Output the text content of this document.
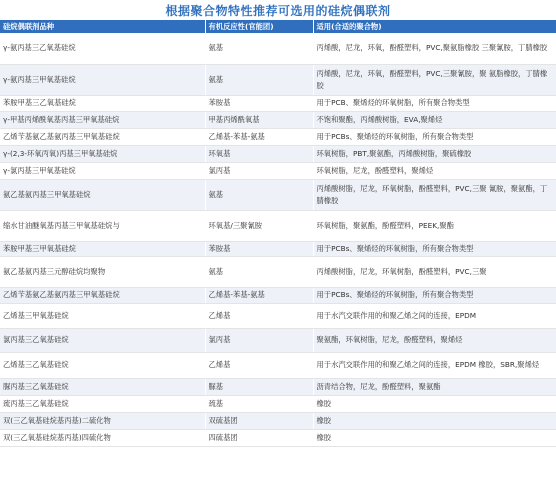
根据聚合物特性推荐可选用的硅烷偶联剂
硅烷偶联剂品种	有机反应性(官能团)	适用(合适的聚合物)
γ-氨丙基三乙氧基硅烷	氨基	丙烯酸，尼龙，环氧，酚醛塑料，PVC,聚氨脂橡胶 三聚氰胺，丁腈橡胶
γ-氨丙基三甲氧基硅烷	氨基	丙烯酸，尼龙，环氧，酚醛塑料，PVC,三聚氰胺，聚 氨脂橡胶，丁腈橡胶
苯胺甲基三乙氧基硅烷	苯胺基	用于PCB、聚烯烃的环氧树脂，所有聚合物类型
γ-甲基丙烯酰氧基丙基三甲氧基硅烷	甲基丙烯酰氧基	不饱和聚酯，丙烯酸树脂，EVA,聚烯烃
乙烯苄基氨乙基氨丙基三甲氧基硅烷	乙烯基-苯基-氨基	用于PCBs、聚烯烃的环氧树脂，所有聚合物类型
γ-(2,3-环氧丙氧)丙基三甲氧基硅烷	环氧基	环氧树脂，PBT,聚氨酯，丙烯酸树脂，聚硫橡胶
γ-氯丙基三甲氧基硅烷	氯丙基	环氧树脂，尼龙，酚醛塑料，聚烯烃
氨乙基氨丙基三甲氧基硅烷	氨基	丙烯酸树脂，尼龙，环氧树脂，酚醛塑料，PVC,三聚 氰胺，聚氨酯，丁腈橡胶
缩水甘油醚氧基丙基三甲氧基硅烷与	环氧基/三聚氰胺	环氧树脂，聚氨酯，酚醛塑料，PEEK,聚酯
苯胺甲基三甲氧基硅烷	苯胺基	用于PCBs、聚烯烃的环氧树脂，所有聚合物类型
氨乙基氨丙基三元醇硅烷均聚物	氨基	丙烯酸树脂，尼龙，环氧树脂，酚醛塑料，PVC,三聚
乙烯苄基氨乙基氨丙基三甲氧基硅烷	乙烯基-苯基-氨基	用于PCBs、聚烯烃的环氧树脂，所有聚合物类型
乙烯基三甲氧基硅烷	乙烯基	用于水汽交联作用的和聚乙烯之间的连接，EPDM
氯丙基三乙氧基硅烷	氯丙基	聚氨酯，环氧树脂，尼龙，酚醛塑料，聚烯烃
乙烯基三乙氧基硅烷	乙烯基	用于水汽交联作用的和聚乙烯之间的连接，EPDM 橡胶，SBR,聚烯烃
脲丙基三乙氧基硅烷	脲基	沥青结合物，尼龙，酚醛塑料，聚氨酯
巯丙基三乙氧基硅烷	巯基	橡胶
双(三乙氧基硅烷基丙基)二硫化物	双硫基团	橡胶
双(三乙氧基硅烷基丙基)四硫化物	四硫基团	橡胶
